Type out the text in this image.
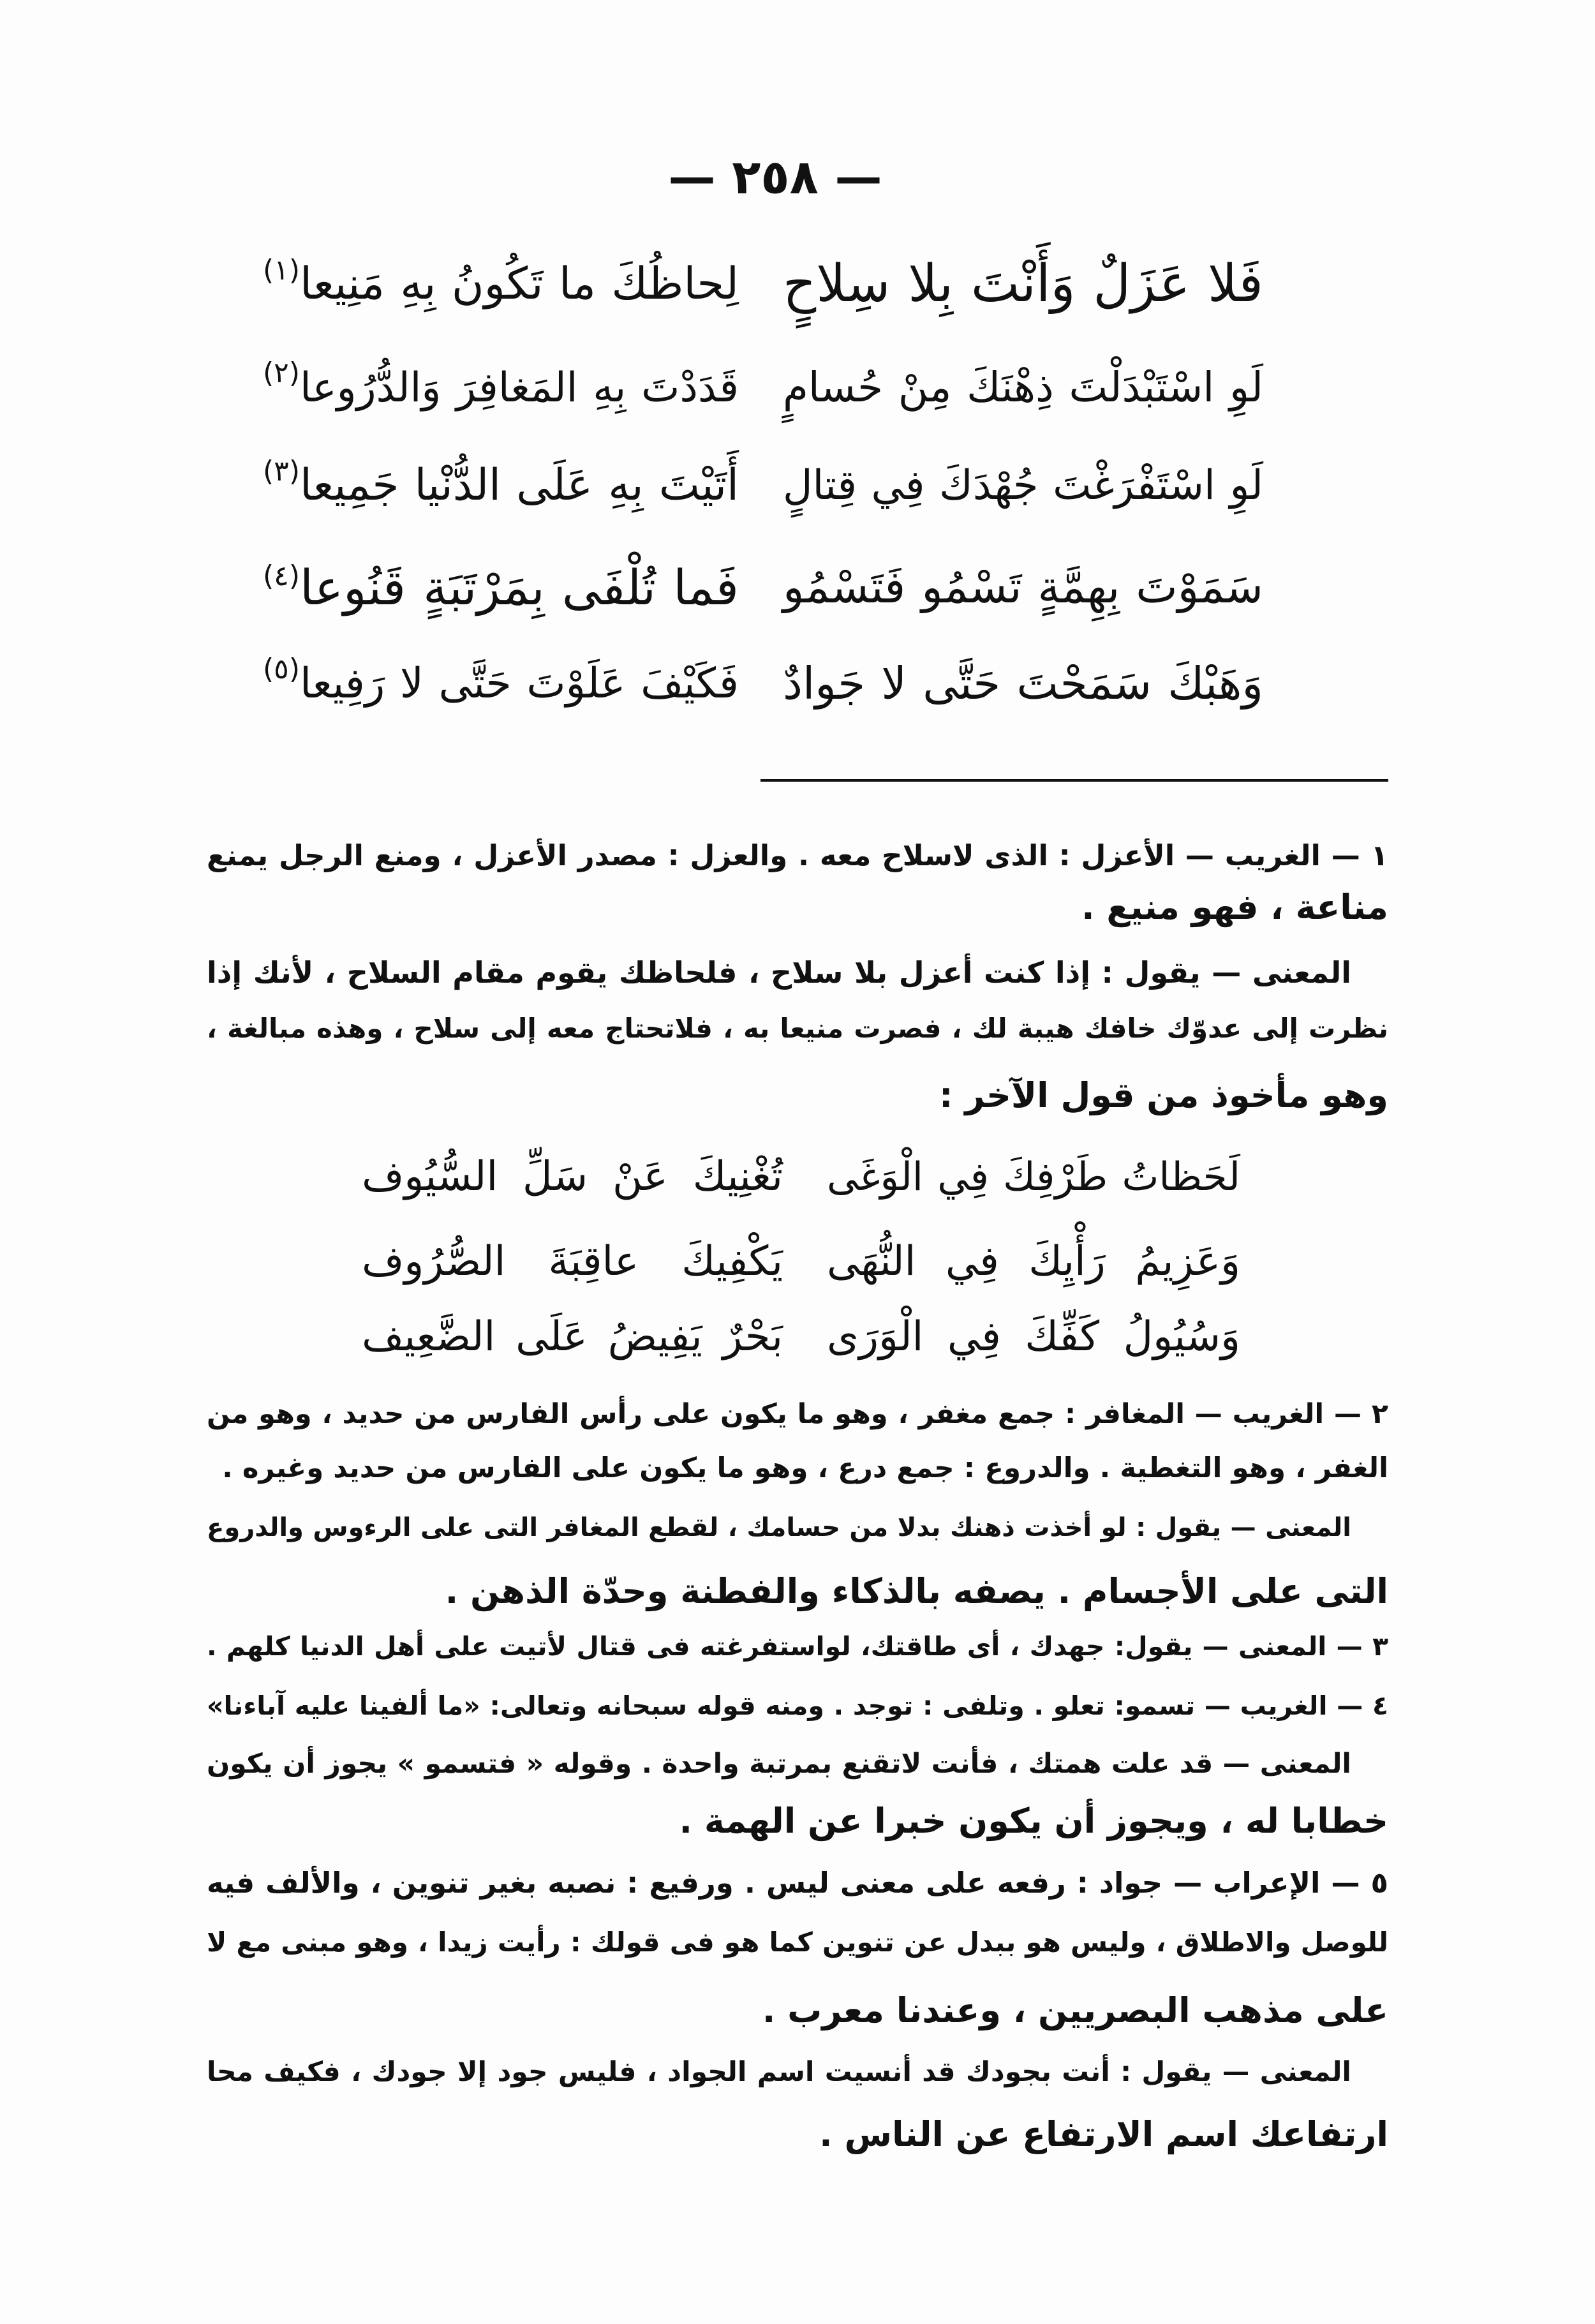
— ٢٥٨ —
فَلا عَزَلٌ وَأَنْتَ بِلا سِلاحٍ
لِحاظُكَ ما تَكُونُ بِهِ مَنِيعا$^{(١)}$
لَوِ اسْتَبْدَلْتَ ذِهْنَكَ مِنْ حُسامٍ
قَدَدْتَ بِهِ المَغافِرَ وَالدُّرُوعا$^{(٢)}$
لَوِ اسْتَفْرَغْتَ جُهْدَكَ فِي قِتالٍ
أَتَيْتَ بِهِ عَلَى الدُّنْيا جَمِيعا$^{(٣)}$
سَمَوْتَ بِهِمَّةٍ تَسْمُو فَتَسْمُو
فَما تُلْفَى بِمَرْتَبَةٍ قَنُوعا$^{(٤)}$
وَهَبْكَ سَمَحْتَ حَتَّى لا جَوادٌ
فَكَيْفَ عَلَوْتَ حَتَّى لا رَفِيعا$^{(٥)}$
١ — الغريب — الأعزل : الذى لاسلاح معه . والعزل : مصدر الأعزل ، ومنع الرجل يمنع
مناعة ، فهو منيع .
المعنى — يقول : إذا كنت أعزل بلا سلاح ، فلحاظك يقوم مقام السلاح ، لأنك إذا
نظرت إلى عدوّك خافك هيبة لك ، فصرت منيعا به ، فلاتحتاج معه إلى سلاح ، وهذه مبالغة ،
وهو مأخوذ من قول الآخر :
لَحَظاتُ طَرْفِكَ فِي الْوَغَى
تُغْنِيكَ عَنْ سَلِّ السُّيُوف
وَعَزِيمُ رَأْيِكَ فِي النُّهَى
يَكْفِيكَ عاقِبَةَ الصُّرُوف
وَسُيُولُ كَفِّكَ فِي الْوَرَى
بَحْرٌ يَفِيضُ عَلَى الضَّعِيف
٢ — الغريب — المغافر : جمع مغفر ، وهو ما يكون على رأس الفارس من حديد ، وهو من
الغفر ، وهو التغطية . والدروع : جمع درع ، وهو ما يكون على الفارس من حديد وغيره .
المعنى — يقول : لو أخذت ذهنك بدلا من حسامك ، لقطع المغافر التى على الرءوس والدروع
التى على الأجسام . يصفه بالذكاء والفطنة وحدّة الذهن .
٣ — المعنى — يقول: جهدك ، أى طاقتك، لواستفرغته فى قتال لأتيت على أهل الدنيا كلهم .
٤ — الغريب — تسمو: تعلو . وتلفى : توجد . ومنه قوله سبحانه وتعالى: «ما ألفينا عليه آباءنا»
المعنى — قد علت همتك ، فأنت لاتقنع بمرتبة واحدة . وقوله « فتسمو » يجوز أن يكون
خطابا له ، ويجوز أن يكون خبرا عن الهمة .
٥ — الإعراب — جواد : رفعه على معنى ليس . ورفيع : نصبه بغير تنوين ، والألف فيه
للوصل والاطلاق ، وليس هو ببدل عن تنوين كما هو فى قولك : رأيت زيدا ، وهو مبنى مع لا
على مذهب البصريين ، وعندنا معرب .
المعنى — يقول : أنت بجودك قد أنسيت اسم الجواد ، فليس جود إلا جودك ، فكيف محا
ارتفاعك اسم الارتفاع عن الناس .
